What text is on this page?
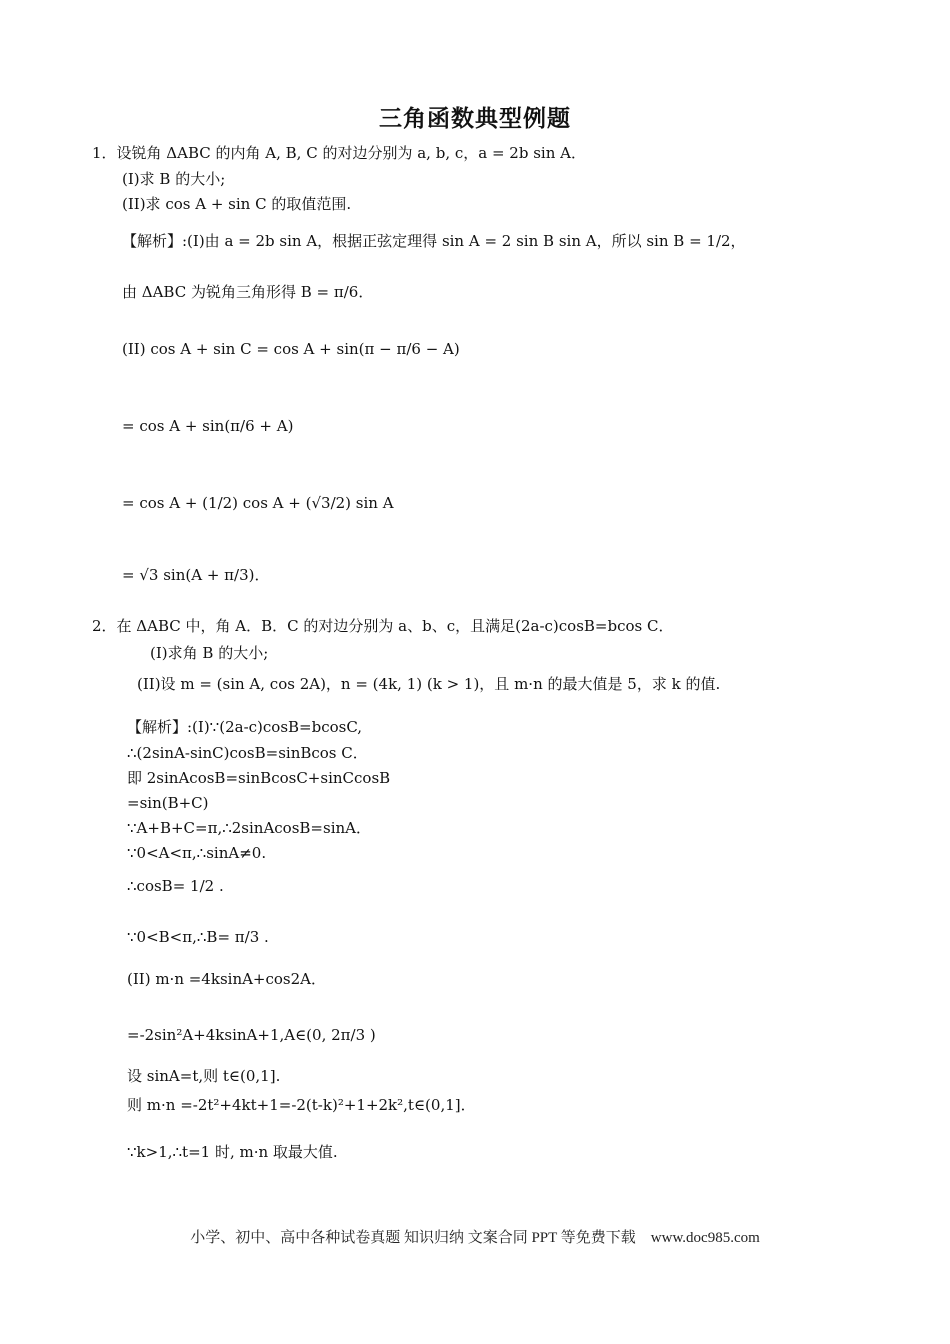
三角函数典型例题
1．设锐角 ΔABC 的内角 A, B, C 的对边分别为 a, b, c，a = 2b sin A．
(I)求 B 的大小;
(II)求 cos A + sin C 的取值范围.
【解析】:(I)由 a = 2b sin A，根据正弦定理得 sin A = 2 sin B sin A，所以 sin B = 1/2，
由 ΔABC 为锐角三角形得 B = π/6．
(II) cos A + sin C = cos A + sin(π − π/6 − A)
= cos A + sin(π/6 + A)
= cos A + (1/2) cos A + (√3/2) sin A
= √3 sin(A + π/3)．
2．在 ΔABC 中，角 A．B．C 的对边分别为 a、b、c，且满足(2a-c)cosB=bcos C．
(I)求角 B 的大小;
(II)设 m = (sin A, cos 2A)，n = (4k, 1) (k > 1)，且 m·n 的最大值是 5，求 k 的值.
【解析】:(I)∵(2a-c)cosB=bcosC,
∴(2sinA-sinC)cosB=sinBcos C．
即 2sinAcosB=sinBcosC+sinCcosB
=sin(B+C)
∵A+B+C=π,∴2sinAcosB=sinA．
∵0<A<π,∴sinA≠0.
∴cosB= 1/2 .
∵0<B<π,∴B= π/3 .
(II) m·n =4ksinA+cos2A．
=-2sin²A+4ksinA+1,A∈(0, 2π/3 )
设 sinA=t,则 t∈(0,1].
则 m·n =-2t²+4kt+1=-2(t-k)²+1+2k²,t∈(0,1]．
∵k>1,∴t=1 时, m·n 取最大值.
小学、初中、高中各种试卷真题 知识归纳 文案合同 PPT 等免费下载　www.doc985.com
